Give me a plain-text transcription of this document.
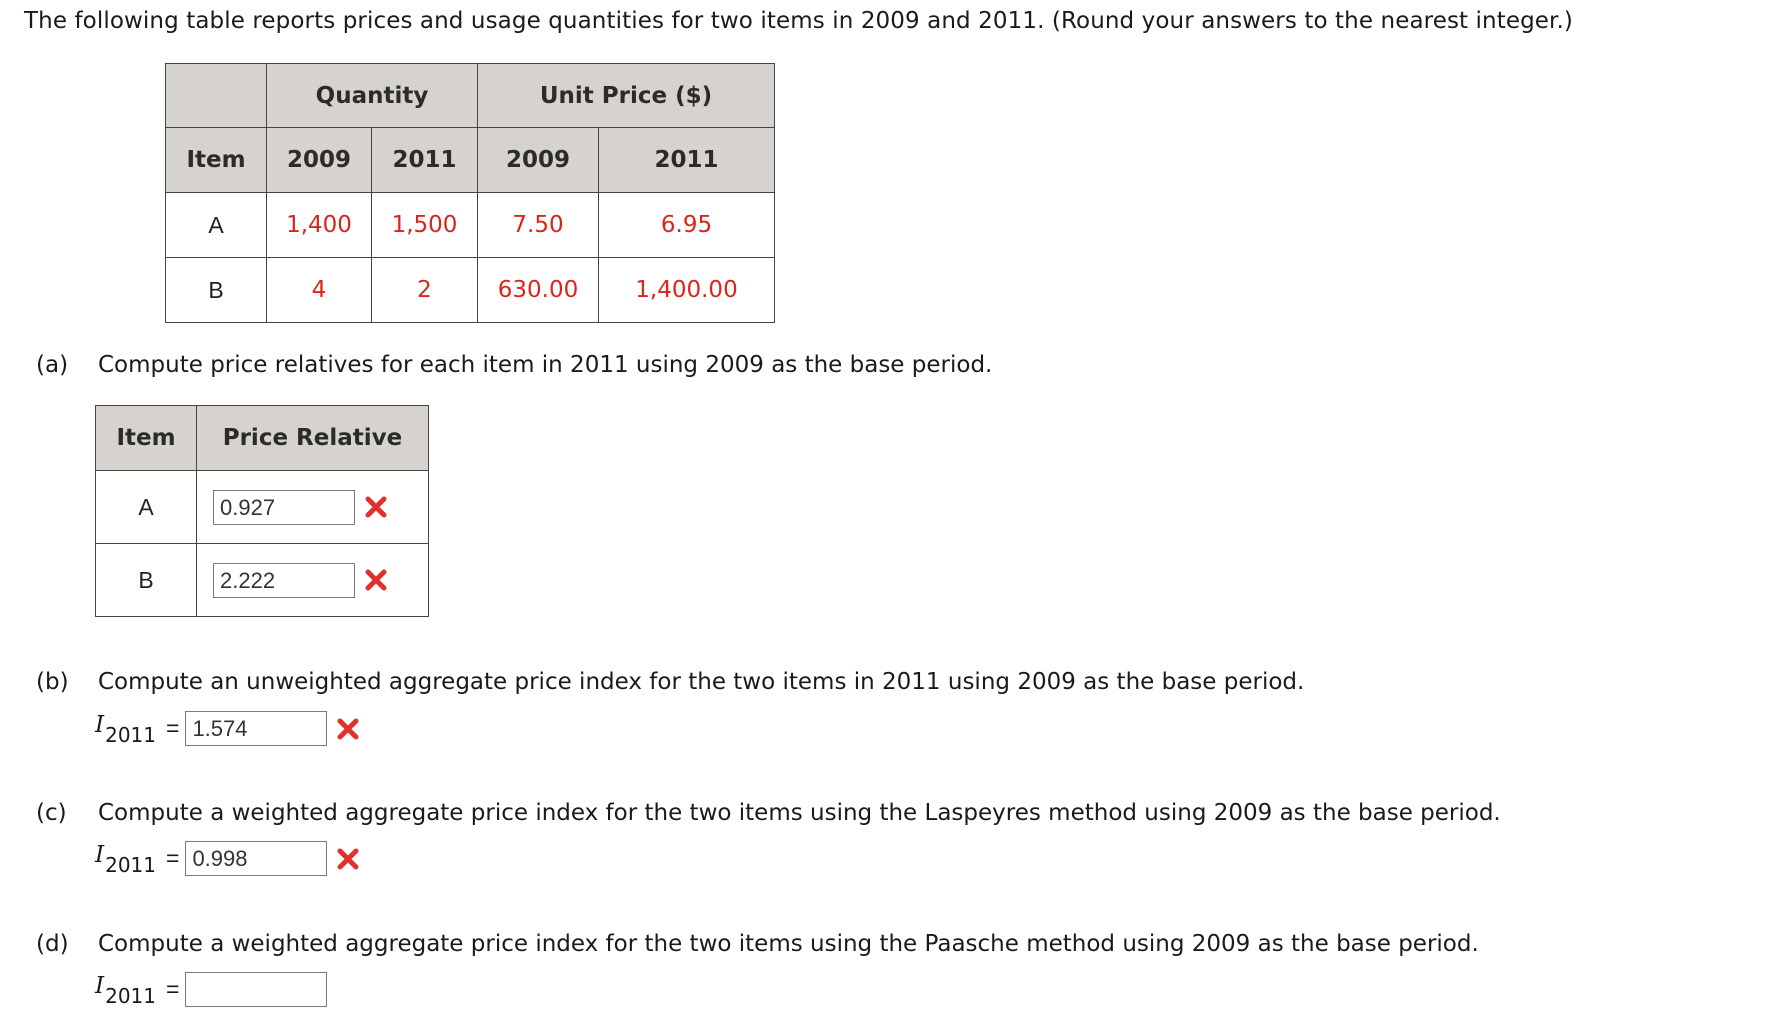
The following table reports prices and usage quantities for two items in 2009 and 2011. (Round your answers to the nearest integer.)
	Quantity		Unit Price ($)	
Item	2009	2011	2009	2011
A	1,400	1,500	7.50	6.95
B	4	2	630.00	1,400.00
(a) Compute price relatives for each item in 2011 using 2009 as the base period.
Item	Price Relative
A	0.927
B	2.222
(b) Compute an unweighted aggregate price index for the two items in 2011 using 2009 as the base period.
I2011 = 1.574
(c) Compute a weighted aggregate price index for the two items using the Laspeyres method using 2009 as the base period.
I2011 = 0.998
(d) Compute a weighted aggregate price index for the two items using the Paasche method using 2009 as the base period.
I2011 =
